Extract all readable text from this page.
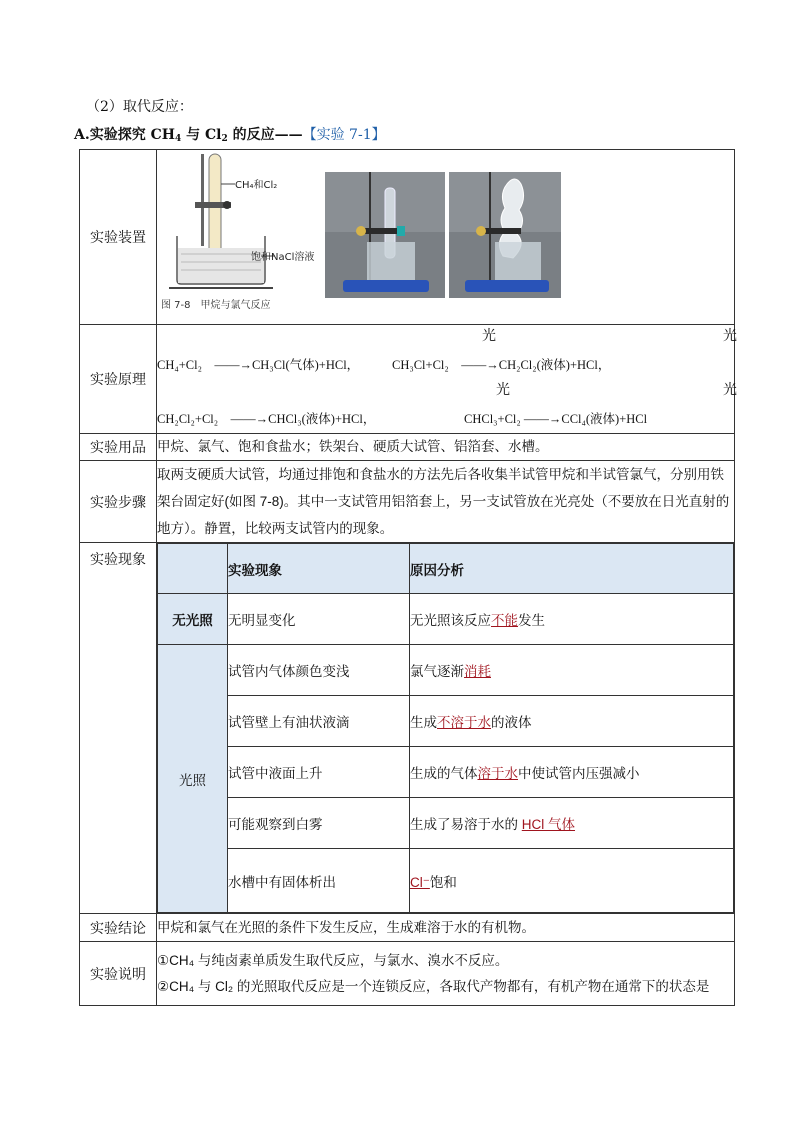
（2）取代反应：
A.实验探究 $CH_4$ 与 $Cl_2$ 的反应——【实验 7-1】
实验装置	
CH₄和Cl₂
饱和NaCl溶液
图 7-8　甲烷与氯气反应

实验原理	
光	光
CH₄+Cl₂　——→CH₃Cl(气体)+HCl，	CH₃Cl+Cl₂　——→CH₂Cl₂(液体)+HCl，
光	光
CH₂Cl₂+Cl₂　——→CHCl₃(液体)+HCl，	CHCl₃+Cl₂ ——→CCl₄(液体)+HCl

实验用品	甲烷、氯气、饱和食盐水；铁架台、硬质大试管、铝箔套、水槽。
实验步骤	取两支硬质大试管，均通过排饱和食盐水的方法先后各收集半试管甲烷和半试管氯气，分别用铁架台固定好(如图 7-8)。其中一支试管用铝箔套上，另一支试管放在光亮处（不要放在日光直射的地方）。静置，比较两支试管内的现象。
实验现象	
	实验现象	原因分析
无光照	无明显变化	无光照该反应不能发生
光照	试管内气体颜色变浅	氯气逐渐消耗
试管壁上有油状液滴	生成不溶于水的液体
试管中液面上升	生成的气体溶于水中使试管内压强减小
可能观察到白雾	生成了易溶于水的 HCl 气体
水槽中有固体析出	Cl⁻饱和

实验结论	甲烷和氯气在光照的条件下发生反应，生成难溶于水的有机物。
实验说明	
①CH₄ 与纯卤素单质发生取代反应，与氯水、溴水不反应。
②CH₄ 与 Cl₂ 的光照取代反应是一个连锁反应，各取代产物都有，有机产物在通常下的状态是
